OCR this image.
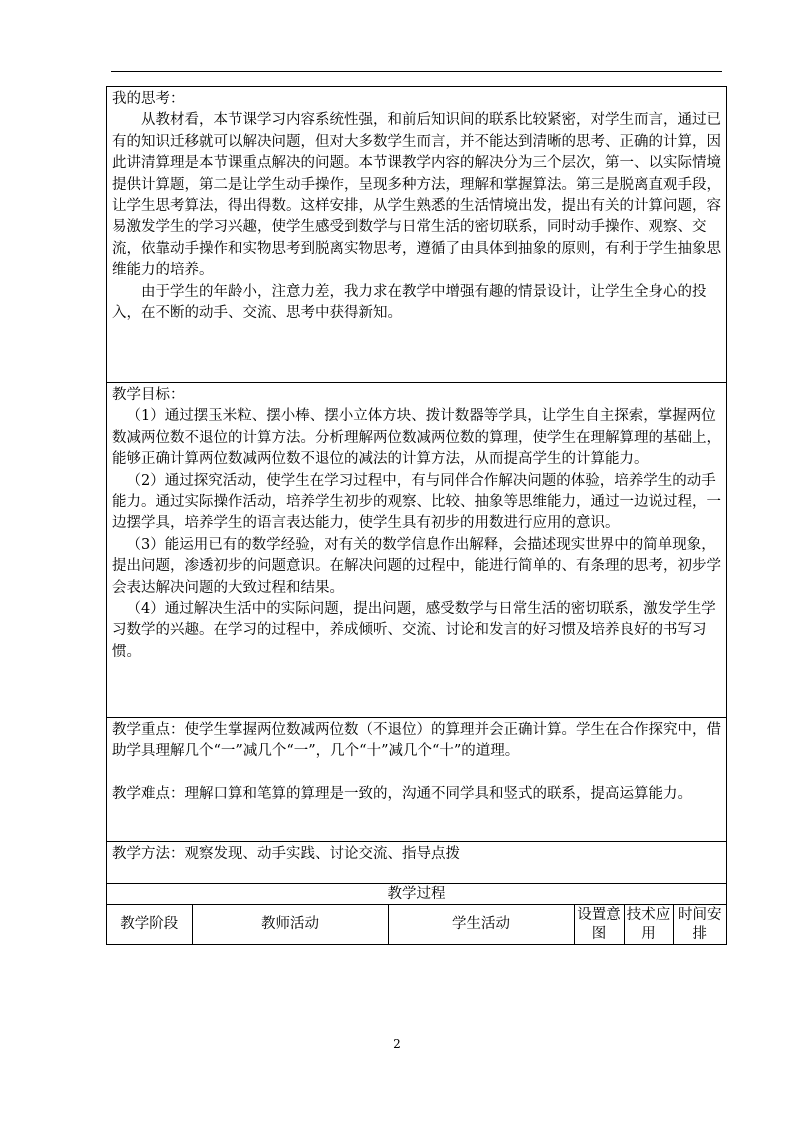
我的思考：

从教材看，本节课学习内容系统性强，和前后知识间的联系比较紧密，对学生而言，通过已有的知识迁移就可以解决问题，但对大多数学生而言，并不能达到清晰的思考、正确的计算，因此讲清算理是本节课重点解决的问题。本节课教学内容的解决分为三个层次，第一、以实际情境提供计算题，第二是让学生动手操作，呈现多种方法，理解和掌握算法。第三是脱离直观手段，让学生思考算法，得出得数。这样安排，从学生熟悉的生活情境出发，提出有关的计算问题，容易激发学生的学习兴趣，使学生感受到数学与日常生活的密切联系，同时动手操作、观察、交流，依靠动手操作和实物思考到脱离实物思考，遵循了由具体到抽象的原则，有利于学生抽象思维能力的培养。

由于学生的年龄小，注意力差，我力求在教学中增强有趣的情景设计，让学生全身心的投入，在不断的动手、交流、思考中获得新知。

教学目标：

（1）通过摆玉米粒、摆小棒、摆小立体方块、拨计数器等学具，让学生自主探索，掌握两位数减两位数不退位的计算方法。分析理解两位数减两位数的算理，使学生在理解算理的基础上，能够正确计算两位数减两位数不退位的减法的计算方法，从而提高学生的计算能力。

（2）通过探究活动，使学生在学习过程中，有与同伴合作解决问题的体验，培养学生的动手能力。通过实际操作活动，培养学生初步的观察、比较、抽象等思维能力，通过一边说过程，一边摆学具，培养学生的语言表达能力，使学生具有初步的用数进行应用的意识。

（3）能运用已有的数学经验，对有关的数学信息作出解释，会描述现实世界中的简单现象，提出问题，渗透初步的问题意识。在解决问题的过程中，能进行简单的、有条理的思考，初步学会表达解决问题的大致过程和结果。

（4）通过解决生活中的实际问题，提出问题，感受数学与日常生活的密切联系，激发学生学习数学的兴趣。在学习的过程中，养成倾听、交流、讨论和发言的好习惯及培养良好的书写习惯。

教学重点：使学生掌握两位数减两位数（不退位）的算理并会正确计算。学生在合作探究中，借助学具理解几个“一”减几个“一”，几个“十”减几个“十”的道理。

教学难点：理解口算和笔算的算理是一致的，沟通不同学具和竖式的联系，提高运算能力。

教学方法：观察发现、动手实践、讨论交流、指导点拨

教学过程
教学阶段	教师活动	学生活动	设置意图	技术应用	时间安排
2
